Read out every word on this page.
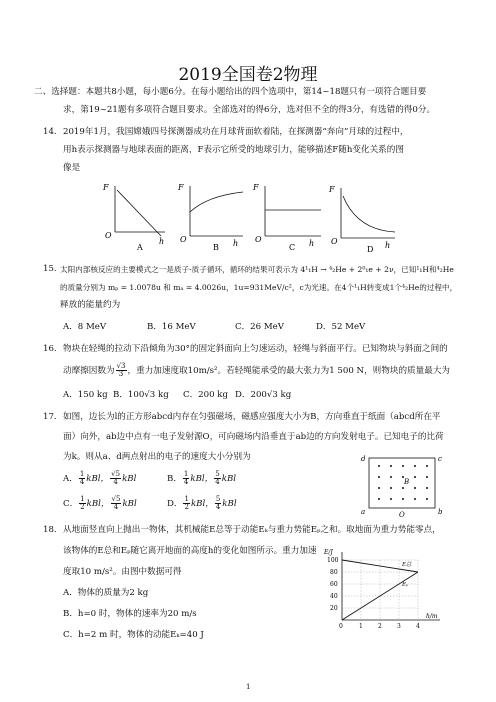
2019全国卷2物理
二、选择题：本题共8小题，每小题6分。在每小题给出的四个选项中，第14~18题只有一项符合题目要
求，第19~21题有多项符合题目要求。全部选对的得6分，选对但不全的得3分，有选错的得0分。
14. 2019年1月，我国嫦娥四号探测器成功在月球背面软着陆，在探测器“奔向”月球的过程中，
用h表示探测器与地球表面的距离，F表示它所受的地球引力，能够描述F随h变化关系的图
像是
F
O
h
A
F
O	h
B
F
O	h
C
F
O	h
D
15. 太阳内部核反应的主要模式之一是质子-质子循环，循环的结果可表示为 4¹₁H → ⁴₂He + 2⁰₁e + 2ν，已知¹₁H和⁴₂He
的质量分别为 mₚ = 1.0078u 和 mₐ = 4.0026u，1u=931MeV/c²，c为光速。在4个¹₁H转变成1个⁴₂He的过程中，
释放的能量约为
A．8 MeV	B．16 MeV	C．26 MeV	D．52 MeV
16. 物块在轻绳的拉动下沿倾角为30°的固定斜面向上匀速运动，轻绳与斜面平行。已知物块与斜面之间的
动摩擦因数为 $\frac{√3}{3}$ ，重力加速度取10m/s²。若轻绳能承受的最大张力为1 500 N，则物块的质量最大为
A．150 kg B．100√3 kg C．200 kg D．200√3 kg
17. 如图，边长为l的正方形abcd内存在匀强磁场，磁感应强度大小为B，方向垂直于纸面（abcd所在平
面）向外，ab边中点有一电子发射源O，可向磁场内沿垂直于ab边的方向发射电子。已知电子的比荷
为k。则从a、d两点射出的电子的速度大小分别为
A． $\frac{1}{4}$ kBl， $\frac{√5}{4}$ kBl	B． $\frac{1}{4}$ kBl， $\frac{5}{4}$ kBl
C． $\frac{1}{2}$ kBl， $\frac{√5}{4}$ kBl	D． $\frac{1}{2}$ kBl， $\frac{5}{4}$ kBl
B
d	c
a	b
O
18. 从地面竖直向上抛出一物体，其机械能E总等于动能Eₖ与重力势能Eₚ之和。取地面为重力势能零点，
该物体的E总和Eₚ随它离开地面的高度h的变化如图所示。重力加速
度取10 m/s²。由图中数据可得
A．物体的质量为2 kg
B．h=0 时，物体的速率为20 m/s
C．h=2 m 时，物体的动能Eₖ=40 J
E/J
h/m
100
80
60
40
20
0	1	2	3	4
E总
Eₚ
1
